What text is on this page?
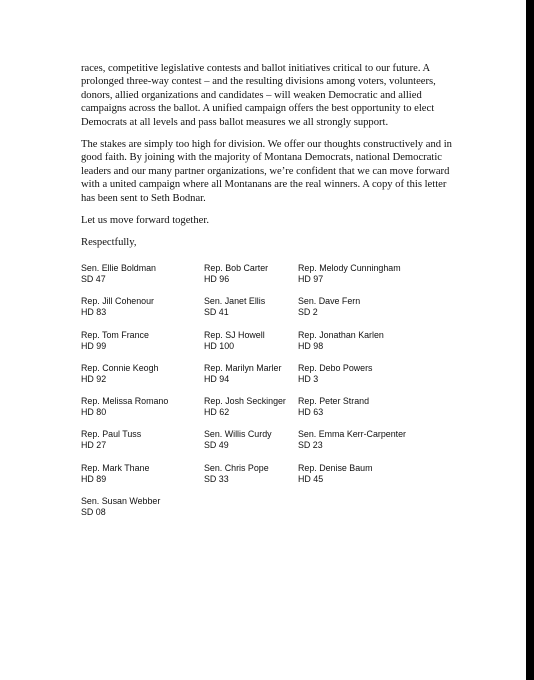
races, competitive legislative contests and ballot initiatives critical to our future. A prolonged three-way contest – and the resulting divisions among voters, volunteers, donors, allied organizations and candidates – will weaken Democratic and allied campaigns across the ballot. A unified campaign offers the best opportunity to elect Democrats at all levels and pass ballot measures we all strongly support.

The stakes are simply too high for division. We offer our thoughts constructively and in good faith. By joining with the majority of Montana Democrats, national Democratic leaders and our many partner organizations, we’re confident that we can move forward with a united campaign where all Montanans are the real winners. A copy of this letter has been sent to Seth Bodnar.

Let us move forward together.

Respectfully,

Sen. Ellie Boldman
SD 47
Rep. Bob Carter
HD 96
Rep. Melody Cunningham
HD 97
Rep. Jill Cohenour
HD 83
Sen. Janet Ellis
SD 41
Sen. Dave Fern
SD 2
Rep. Tom France
HD 99
Rep. SJ Howell
HD 100
Rep. Jonathan Karlen
HD 98
Rep. Connie Keogh
HD 92
Rep. Marilyn Marler
HD 94
Rep. Debo Powers
HD 3
Rep. Melissa Romano
HD 80
Rep. Josh Seckinger
HD 62
Rep. Peter Strand
HD 63
Rep. Paul Tuss
HD 27
Sen. Willis Curdy
SD 49
Sen. Emma Kerr-Carpenter
SD 23
Rep. Mark Thane
HD 89
Sen. Chris Pope
SD 33
Rep. Denise Baum
HD 45
Sen. Susan Webber
SD 08
